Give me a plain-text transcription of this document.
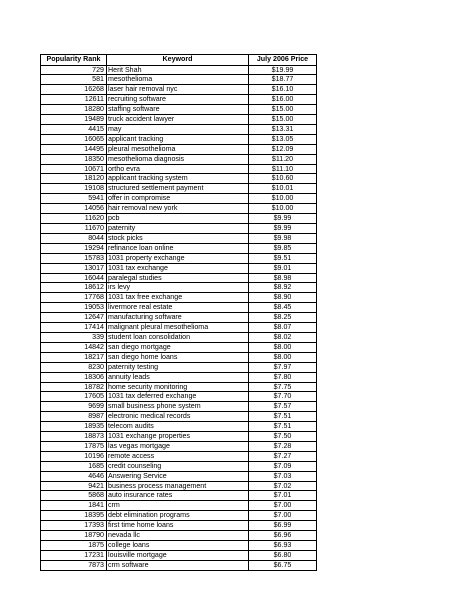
Popularity Rank	Keyword	July 2006 Price
729	Herit Shah	$19.99
581	mesothelioma	$18.77
16268	laser hair removal nyc	$16.10
12611	recruiting software	$16.00
18280	staffing software	$15.00
19489	truck accident lawyer	$15.00
4415	may	$13.31
16065	applicant tracking	$13.05
14495	pleural mesothelioma	$12.09
18350	mesothelioma diagnosis	$11.20
10671	ortho evra	$11.10
18120	applicant tracking system	$10.60
19108	structured settlement payment	$10.01
5941	offer in compromise	$10.00
14056	hair removal new york	$10.00
11620	pcb	$9.99
11670	paternity	$9.99
8044	stock picks	$9.98
19294	refinance loan online	$9.85
15783	1031 property exchange	$9.51
13017	1031 tax exchange	$9.01
16044	paralegal studies	$8.98
18612	irs levy	$8.92
17768	1031 tax free exchange	$8.90
19053	livermore real estate	$8.45
12647	manufacturing software	$8.25
17414	malignant pleural mesothelioma	$8.07
339	student loan consolidation	$8.02
14842	san diego mortgage	$8.00
18217	san diego home loans	$8.00
8230	paternity testing	$7.97
18306	annuity leads	$7.80
18782	home security monitoring	$7.75
17605	1031 tax deferred exchange	$7.70
9699	small business phone system	$7.57
8987	electronic medical records	$7.51
18935	telecom audits	$7.51
18873	1031 exchange properties	$7.50
17875	las vegas mortgage	$7.28
10196	remote access	$7.27
1685	credit counseling	$7.09
4646	Answering Service	$7.03
9421	business process management	$7.02
5868	auto insurance rates	$7.01
1841	crm	$7.00
18395	debt elimination programs	$7.00
17393	first time home loans	$6.99
18790	nevada llc	$6.96
1875	college loans	$6.93
17231	louisville mortgage	$6.80
7873	crm software	$6.75
